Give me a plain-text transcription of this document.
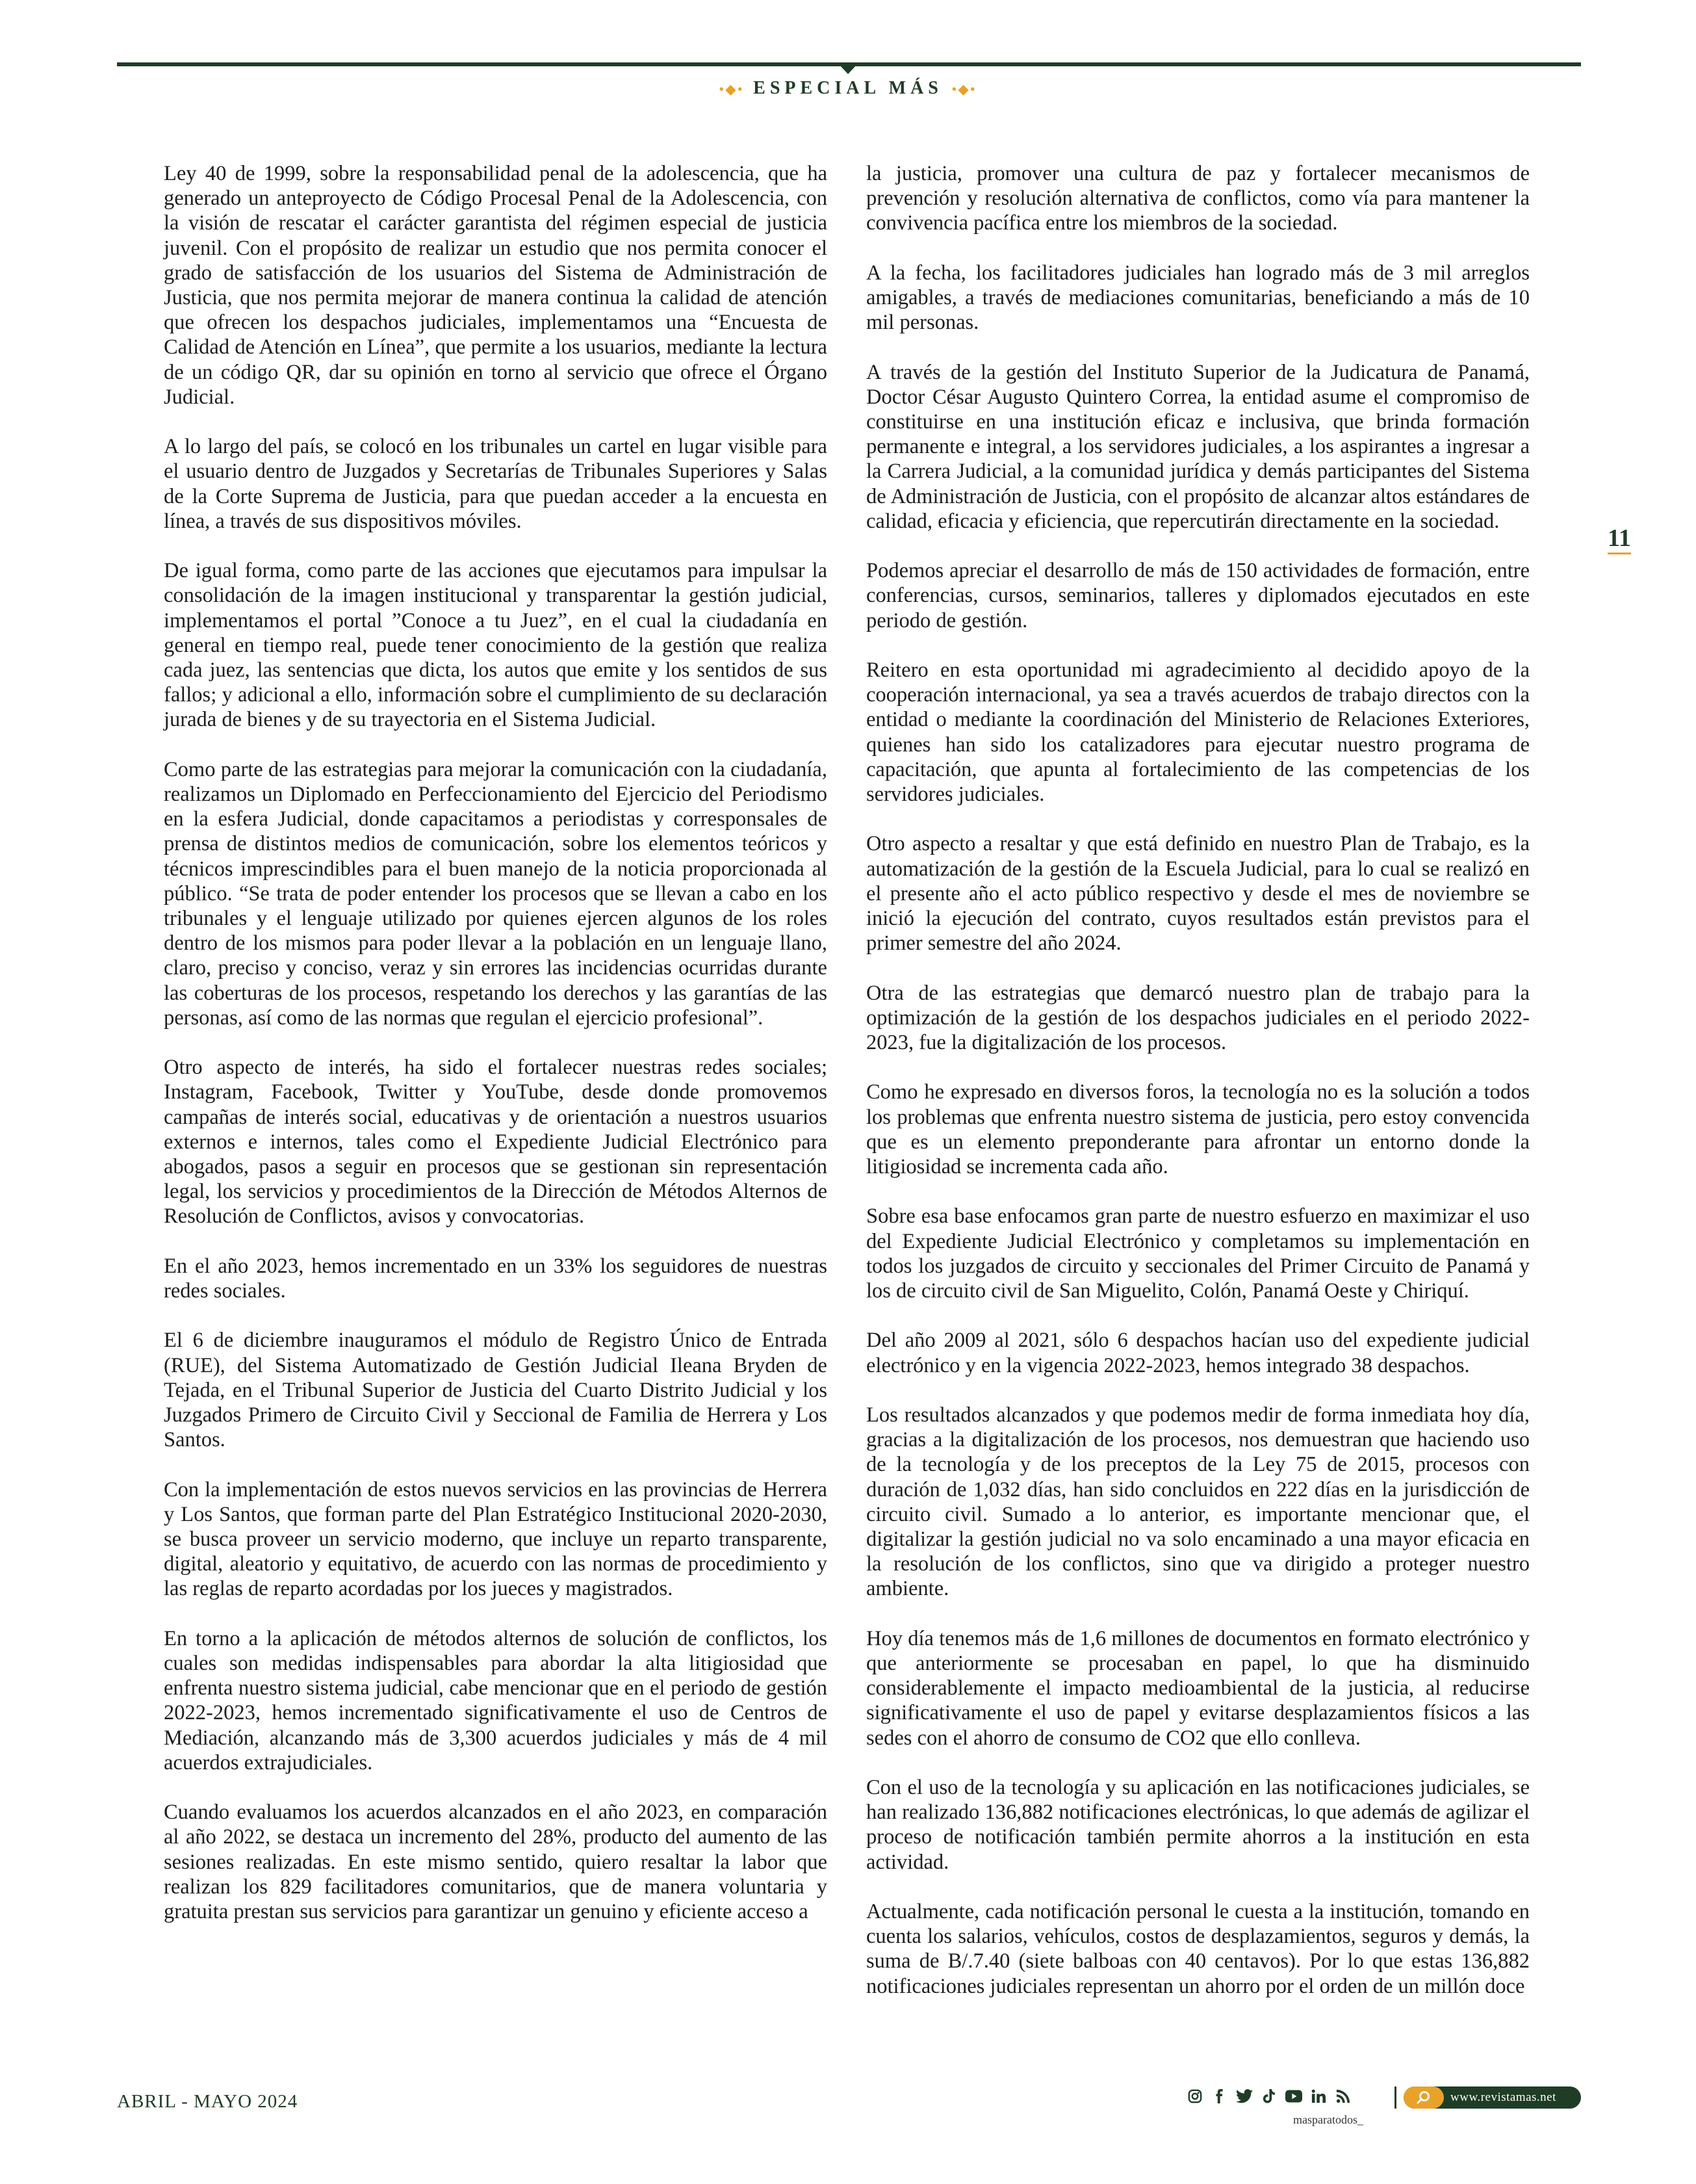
•◆• ESPECIAL MÁS •◆•

Ley 40 de 1999, sobre la responsabilidad penal de la adolescencia, que ha generado un anteproyecto de Código Procesal Penal de la Adolescencia, con la visión de rescatar el carácter garantista del régimen especial de justicia juvenil. Con el propósito de realizar un estudio que nos permita conocer el grado de satisfacción de los usuarios del Sistema de Administración de Justicia, que nos permita mejorar de manera continua la calidad de atención que ofrecen los despachos judiciales, implementamos una “Encuesta de Calidad de Atención en Línea”, que permite a los usuarios, mediante la lectura de un código QR, dar su opinión en torno al servicio que ofrece el Órgano Judicial.

A lo largo del país, se colocó en los tribunales un cartel en lugar visible para el usuario dentro de Juzgados y Secretarías de Tribunales Superiores y Salas de la Corte Suprema de Justicia, para que puedan acceder a la encuesta en línea, a través de sus dispositivos móviles.

De igual forma, como parte de las acciones que ejecutamos para impulsar la consolidación de la imagen institucional y transparentar la gestión judicial, implementamos el portal ”Conoce a tu Juez”, en el cual la ciudadanía en general en tiempo real, puede tener conocimiento de la gestión que realiza cada juez, las sentencias que dicta, los autos que emite y los sentidos de sus fallos; y adicional a ello, información sobre el cumplimiento de su declaración jurada de bienes y de su trayectoria en el Sistema Judicial.

Como parte de las estrategias para mejorar la comunicación con la ciudadanía, realizamos un Diplomado en Perfeccionamiento del Ejercicio del Periodismo en la esfera Judicial, donde capacitamos a periodistas y corresponsales de prensa de distintos medios de comunicación, sobre los elementos teóricos y técnicos imprescindibles para el buen manejo de la noticia proporcionada al público. “Se trata de poder entender los procesos que se llevan a cabo en los tribunales y el lenguaje utilizado por quienes ejercen algunos de los roles dentro de los mismos para poder llevar a la población en un lenguaje llano, claro, preciso y conciso, veraz y sin errores las incidencias ocurridas durante las coberturas de los procesos, respetando los derechos y las garantías de las personas, así como de las normas que regulan el ejercicio profesional”.

Otro aspecto de interés, ha sido el fortalecer nuestras redes sociales; Instagram, Facebook, Twitter y YouTube, desde donde promovemos campañas de interés social, educativas y de orientación a nuestros usuarios externos e internos, tales como el Expediente Judicial Electrónico para abogados, pasos a seguir en procesos que se gestionan sin representación legal, los servicios y procedimientos de la Dirección de Métodos Alternos de Resolución de Conflictos, avisos y convocatorias.

En el año 2023, hemos incrementado en un 33% los seguidores de nuestras redes sociales.

El 6 de diciembre inauguramos el módulo de Registro Único de Entrada (RUE), del Sistema Automatizado de Gestión Judicial Ileana Bryden de Tejada, en el Tribunal Superior de Justicia del Cuarto Distrito Judicial y los Juzgados Primero de Circuito Civil y Seccional de Familia de Herrera y Los Santos.

Con la implementación de estos nuevos servicios en las provincias de Herrera y Los Santos, que forman parte del Plan Estratégico Institucional 2020-2030, se busca proveer un servicio moderno, que incluye un reparto transparente, digital, aleatorio y equitativo, de acuerdo con las normas de procedimiento y las reglas de reparto acordadas por los jueces y magistrados.

En torno a la aplicación de métodos alternos de solución de conflictos, los cuales son medidas indispensables para abordar la alta litigiosidad que enfrenta nuestro sistema judicial, cabe mencionar que en el periodo de gestión 2022-2023, hemos incrementado significativamente el uso de Centros de Mediación, alcanzando más de 3,300 acuerdos judiciales y más de 4 mil acuerdos extrajudiciales.

Cuando evaluamos los acuerdos alcanzados en el año 2023, en comparación al año 2022, se destaca un incremento del 28%, producto del aumento de las sesiones realizadas. En este mismo sentido, quiero resaltar la labor que realizan los 829 facilitadores comunitarios, que de manera voluntaria y gratuita prestan sus servicios para garantizar un genuino y eficiente acceso a

la justicia, promover una cultura de paz y fortalecer mecanismos de prevención y resolución alternativa de conflictos, como vía para mantener la convivencia pacífica entre los miembros de la sociedad.

A la fecha, los facilitadores judiciales han logrado más de 3 mil arreglos amigables, a través de mediaciones comunitarias, beneficiando a más de 10 mil personas.

A través de la gestión del Instituto Superior de la Judicatura de Panamá, Doctor César Augusto Quintero Correa, la entidad asume el compromiso de constituirse en una institución eficaz e inclusiva, que brinda formación permanente e integral, a los servidores judiciales, a los aspirantes a ingresar a la Carrera Judicial, a la comunidad jurídica y demás participantes del Sistema de Administración de Justicia, con el propósito de alcanzar altos estándares de calidad, eficacia y eficiencia, que repercutirán directamente en la sociedad.

Podemos apreciar el desarrollo de más de 150 actividades de formación, entre conferencias, cursos, seminarios, talleres y diplomados ejecutados en este periodo de gestión.

Reitero en esta oportunidad mi agradecimiento al decidido apoyo de la cooperación internacional, ya sea a través acuerdos de trabajo directos con la entidad o mediante la coordinación del Ministerio de Relaciones Exteriores, quienes han sido los catalizadores para ejecutar nuestro programa de capacitación, que apunta al fortalecimiento de las competencias de los servidores judiciales.

Otro aspecto a resaltar y que está definido en nuestro Plan de Trabajo, es la automatización de la gestión de la Escuela Judicial, para lo cual se realizó en el presente año el acto público respectivo y desde el mes de noviembre se inició la ejecución del contrato, cuyos resultados están previstos para el primer semestre del año 2024.

Otra de las estrategias que demarcó nuestro plan de trabajo para la optimización de la gestión de los despachos judiciales en el periodo 2022-2023, fue la digitalización de los procesos.

Como he expresado en diversos foros, la tecnología no es la solución a todos los problemas que enfrenta nuestro sistema de justicia, pero estoy convencida que es un elemento preponderante para afrontar un entorno donde la litigiosidad se incrementa cada año.

Sobre esa base enfocamos gran parte de nuestro esfuerzo en maximizar el uso del Expediente Judicial Electrónico y completamos su implementación en todos los juzgados de circuito y seccionales del Primer Circuito de Panamá y los de circuito civil de San Miguelito, Colón, Panamá Oeste y Chiriquí.

Del año 2009 al 2021, sólo 6 despachos hacían uso del expediente judicial electrónico y en la vigencia 2022-2023, hemos integrado 38 despachos.

Los resultados alcanzados y que podemos medir de forma inmediata hoy día, gracias a la digitalización de los procesos, nos demuestran que haciendo uso de la tecnología y de los preceptos de la Ley 75 de 2015, procesos con duración de 1,032 días, han sido concluidos en 222 días en la jurisdicción de circuito civil. Sumado a lo anterior, es importante mencionar que, el digitalizar la gestión judicial no va solo encaminado a una mayor eficacia en la resolución de los conflictos, sino que va dirigido a proteger nuestro ambiente.

Hoy día tenemos más de 1,6 millones de documentos en formato electrónico y que anteriormente se procesaban en papel, lo que ha disminuido considerablemente el impacto medioambiental de la justicia, al reducirse significativamente el uso de papel y evitarse desplazamientos físicos a las sedes con el ahorro de consumo de CO2 que ello conlleva.

Con el uso de la tecnología y su aplicación en las notificaciones judiciales, se han realizado 136,882 notificaciones electrónicas, lo que además de agilizar el proceso de notificación también permite ahorros a la institución en esta actividad.

Actualmente, cada notificación personal le cuesta a la institución, tomando en cuenta los salarios, vehículos, costos de desplazamientos, seguros y demás, la suma de B/.7.40 (siete balboas con 40 centavos). Por lo que estas 136,882 notificaciones judiciales representan un ahorro por el orden de un millón doce

11
ABRIL - MAYO 2024
masparatodos_
www.revistamas.net
